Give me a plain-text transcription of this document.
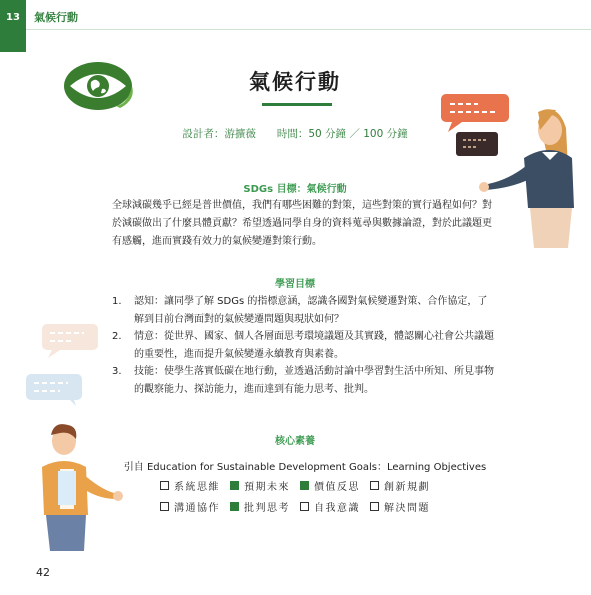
13	氣候行動
氣候行動
設計者：游擴薇　　時間：50 分鐘 ／ 100 分鐘
SDGs 目標：氣候行動
全球減碳幾乎已經是普世價值，我們有哪些困難的對策，這些對策的實行過程如何？對於減碳做出了什麼具體貢獻？希望透過同學自身的資料蒐尋與數據論證，對於此議題更有感觸，進而實踐有效力的氣候變遷對策行動。
學習目標
1. 認知：讓同學了解 SDGs 的指標意涵，認識各國對氣候變遷對策、合作協定，了解到目前台灣面對的氣候變遷問題與現狀如何？
2. 情意：從世界、國家、個人各層面思考環境議題及其實踐，體認關心社會公共議題的重要性，進而提升氣候變遷永續教育與素養。
3. 技能：使學生落實低碳在地行動，並透過活動討論中學習對生活中所知、所見事物的觀察能力、探訪能力，進而達到有能力思考、批判。
核心素養
引自 Education for Sustainable Development Goals：Learning Objectives
系統思維 預期未來 價值反思 創新規劃
溝通協作 批判思考 自我意識 解決問題
42
